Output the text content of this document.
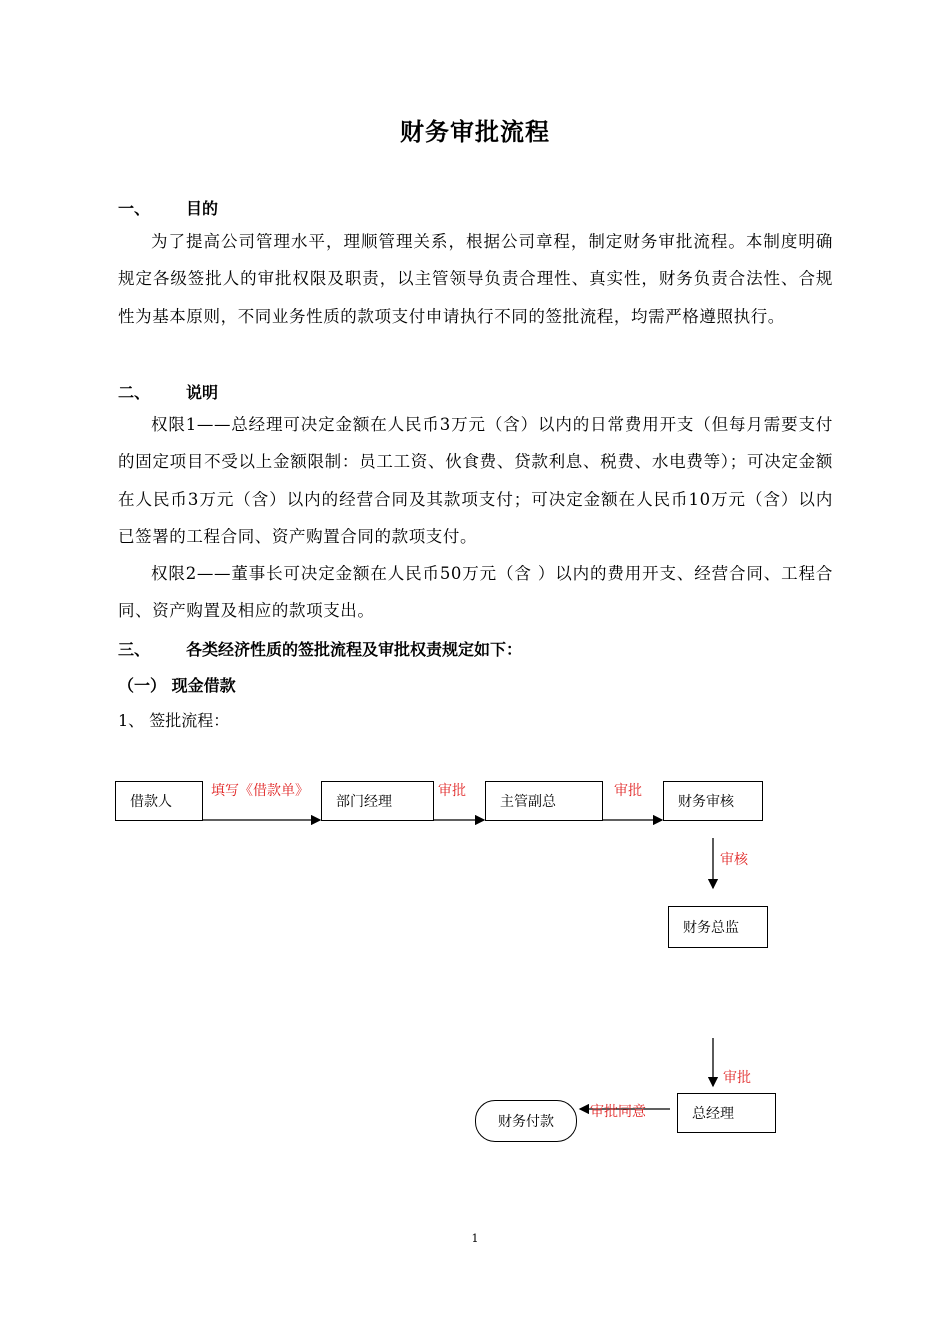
财务审批流程
一、 目的
为了提高公司管理水平，理顺管理关系，根据公司章程，制定财务审批流程。本制度明确规定各级签批人的审批权限及职责，以主管领导负责合理性、真实性，财务负责合法性、合规性为基本原则，不同业务性质的款项支付申请执行不同的签批流程，均需严格遵照执行。
二、 说明
权限1——总经理可决定金额在人民币3万元（含）以内的日常费用开支（但每月需要支付的固定项目不受以上金额限制：员工工资、伙食费、贷款利息、税费、水电费等）；可决定金额在人民币3万元（含）以内的经营合同及其款项支付；可决定金额在人民币10万元（含）以内已签署的工程合同、资产购置合同的款项支付。
权限2——董事长可决定金额在人民币50万元（含 ）以内的费用开支、经营合同、工程合同、资产购置及相应的款项支出。
三、 各类经济性质的签批流程及审批权责规定如下：
（一） 现金借款
1、 签批流程：
借款人	部门经理	主管副总	财务审核
财务总监
总经理
财务付款
填写《借款单》	审批	审批
审核
审批
审批同意
1
